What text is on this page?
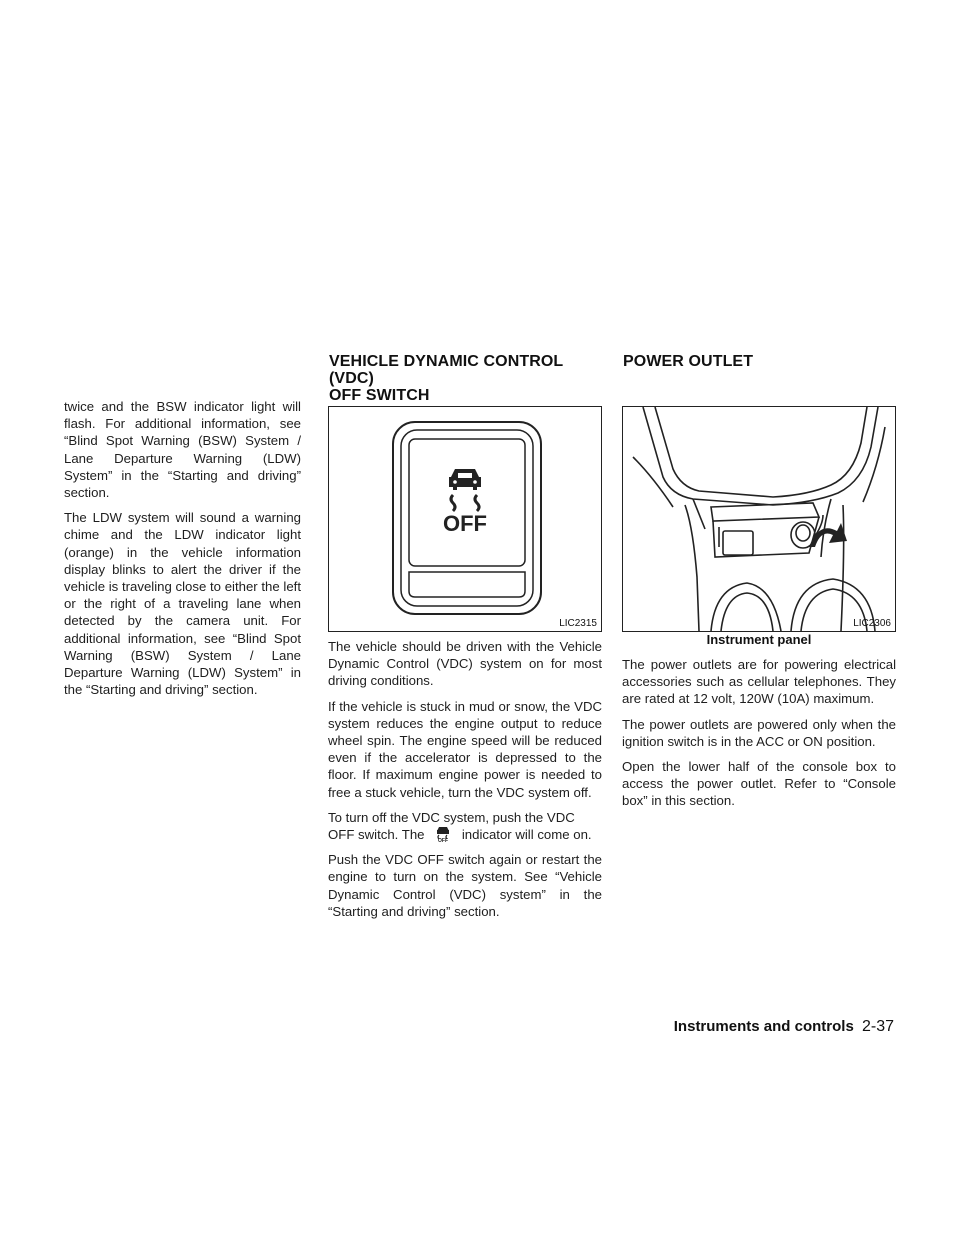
twice and the BSW indicator light will flash. For additional information, see “Blind Spot Warning (BSW) System / Lane Departure Warning (LDW) System” in the “Starting and driving” section.

The LDW system will sound a warning chime and the LDW indicator light (orange) in the vehicle information display blinks to alert the driver if the vehicle is traveling close to either the left or the right of a traveling lane when detected by the camera unit. For additional information, see “Blind Spot Warning (BSW) System / Lane Departure Warning (LDW) System” in the “Starting and driving” section.

VEHICLE DYNAMIC CONTROL (VDC)
OFF SWITCH
OFF
LIC2315

The vehicle should be driven with the Vehicle Dynamic Control (VDC) system on for most driving conditions.

If the vehicle is stuck in mud or snow, the VDC system reduces the engine output to reduce wheel spin. The engine speed will be reduced even if the accelerator is depressed to the floor. If maximum engine power is needed to free a stuck vehicle, turn the VDC system off.

To turn off the VDC system, push the VDC OFF switch. The	OFF indicator will come on.

Push the VDC OFF switch again or restart the engine to turn on the system. See “Vehicle Dynamic Control (VDC) system” in the “Starting and driving” section.

POWER OUTLET
LIC2306
Instrument panel

The power outlets are for powering electrical accessories such as cellular telephones. They are rated at 12 volt, 120W (10A) maximum.

The power outlets are powered only when the ignition switch is in the ACC or ON position.

Open the lower half of the console box to access the power outlet. Refer to “Console box” in this section.

Instruments and controls 2-37
